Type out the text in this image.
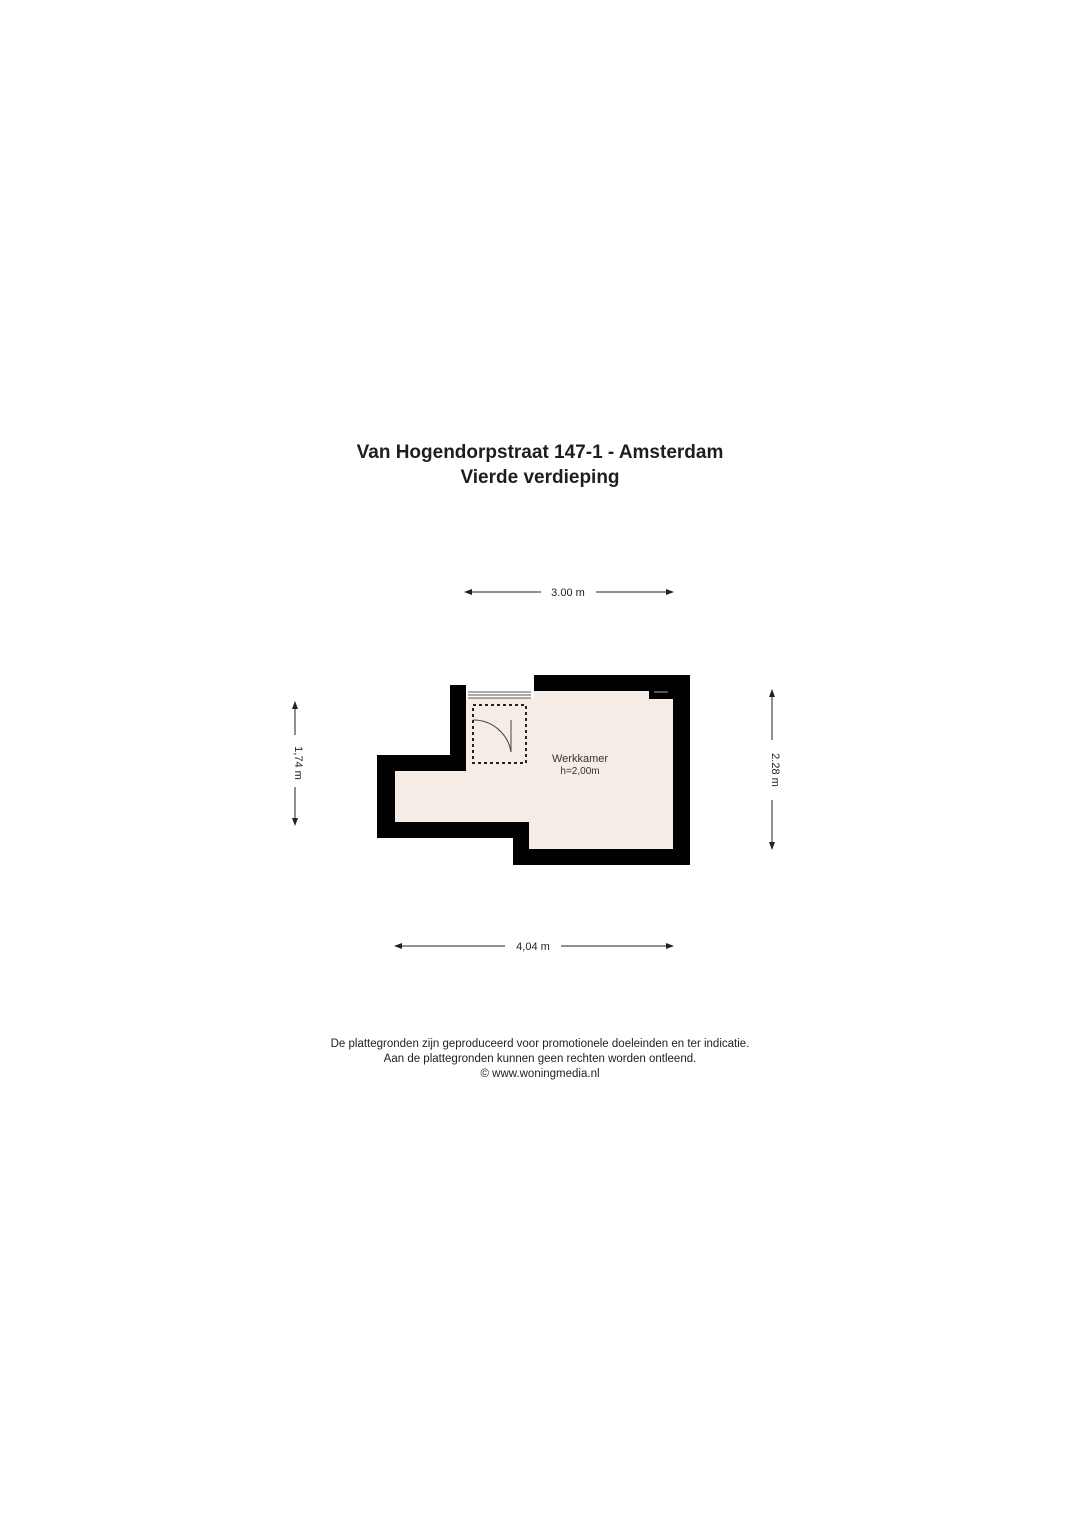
Van Hogendorpstraat 147-1 - Amsterdam
Vierde verdieping
3.00 m
4,04 m
1,74 m	2.28 m
Werkkamer
h=2,00m
De plattegronden zijn geproduceerd voor promotionele doeleinden en ter indicatie.
Aan de plattegronden kunnen geen rechten worden ontleend.
© www.woningmedia.nl
